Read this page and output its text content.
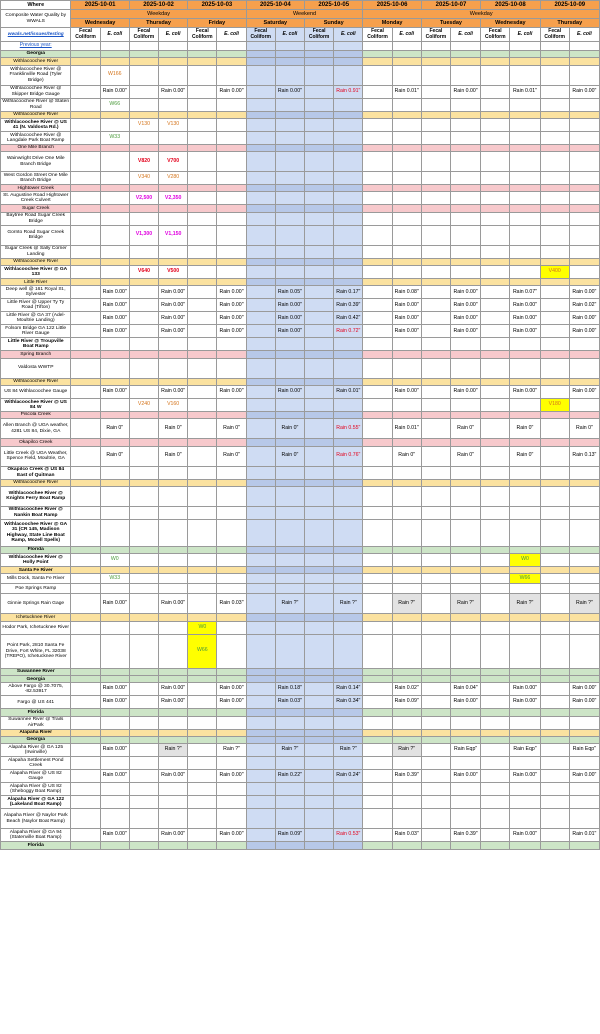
Where	2025-10-01		2025-10-02		2025-10-03		2025-10-04		2025-10-05		2025-10-06		2025-10-07		2025-10-08		2025-10-09	
Composite Water Quality by WWALS	Weekday						Weekend				Weekday							
	Wednesday		Thursday		Friday		Saturday		Sunday		Monday		Tuesday		Wednesday		Thursday	
wwals.net/issues/testing	Fecal Coliform	E. coli	Fecal Coliform	E. coli	Fecal Coliform	E. coli	Fecal Coliform	E. coli	Fecal Coliform	E. coli	Fecal Coliform	E. coli	Fecal Coliform	E. coli	Fecal Coliform	E. coli	Fecal Coliform	E. coli
Previous year:																		
Georgia																		
Withlacoochee River																		
Withlacoochee River @ Franklinville Road (Tyler Bridge)		W166																
Withlacoochee River @ Skipper Bridge Gauge		Rain 0.00"		Rain 0.00"		Rain 0.00"		Rain 0.00"		Rain 0.91"		Rain 0.01"		Rain 0.00"		Rain 0.01"		Rain 0.00"
Withlacoochee River @ Staten Road		W66																
Withlacoochee River																		
Withlacoochee River @ US 41 (N. Valdosta Rd.)			V130	V130														
Withlacoochee River @ Langdale Park Boat Ramp		W33																
One Mile Branch																		
Wainwright Drive One Mile Branch Bridge			V820	V700														
West Gordon Street One Mile Branch Bridge			V340	V280														
Hightower Creek																		
St. Augustine Road Hightower Creek Culvert			V2,500	V2,350														
Sugar Creek																		
Baytree Road Sugar Creek Bridge																		
Gornto Road Sugar Creek Bridge			V1,300	V1,150														
Sugar Creek @ Sally Corner Landing																		
Withlacoochee River																		
Withlacoochee River @ GA 133			V640	V500													V400	
Little River																		
Deep well @ 161 Royal St., Sylvester		Rain 0.00"		Rain 0.00"		Rain 0.00"		Rain 0.05"		Rain 0.17"		Rain 0.08"		Rain 0.00"		Rain 0.07"		Rain 0.00"
Little River @ Upper Ty Ty Road (Tifton)		Rain 0.00"		Rain 0.00"		Rain 0.00"		Rain 0.00"		Rain 0.39"		Rain 0.00"		Rain 0.00"		Rain 0.00"		Rain 0.02"
Little River @ GA 37 (Adel-Moultrie Landing)		Rain 0.00"		Rain 0.00"		Rain 0.00"		Rain 0.00"		Rain 0.42"		Rain 0.00"		Rain 0.00"		Rain 0.00"		Rain 0.00"
Folsom Bridge GA 122 Little River Gauge		Rain 0.00"		Rain 0.00"		Rain 0.00"		Rain 0.00"		Rain 0.72"		Rain 0.00"		Rain 0.00"		Rain 0.00"		Rain 0.00"
Little River @ Troupville Boat Ramp																		
Spring Branch																		
Valdosta WWTP																		
Withlacoochee River																		
US 84 Withlacoochee Gauge		Rain 0.00"		Rain 0.00"		Rain 0.00"		Rain 0.00"		Rain 0.01"		Rain 0.00"		Rain 0.00"		Rain 0.00"		Rain 0.00"
Withlacoochee River @ US 84 W			V240	V160													V180	
Piscola Creek																		
Allen Branch @ UGA weather, 4281 US 84, Dixie, GA		Rain 0"		Rain 0"		Rain 0"		Rain 0"		Rain 0.55"		Rain 0.01"		Rain 0"		Rain 0"		Rain 0"
Okapilco Creek																		
Little Creek @ UGA Weather, Spence Field, Moultrie, GA		Rain 0"		Rain 0"		Rain 0"		Rain 0"		Rain 0.76"		Rain 0"		Rain 0"		Rain 0"		Rain 0.13"
Okapilco Creek @ US 84 East of Quitman																		
Withlacoochee River																		
Withlacoochee River @ Knights Ferry Boat Ramp																		
Withlacoochee River @ Nankin Boat Ramp																		
Withlacoochee River @ GA 31 (CR 145, Madison Highway, State Line Boat Ramp, Mozell Spells)																		
Florida																		
Withlacoochee River @ Holly Point		W0														W0		
Santa Fe River																		
Mills Dock, Santa Fe River		W33														W66		
Poe Springs Ramp																		
Ginnie Springs Rain Gage		Rain 0.00"		Rain 0.00"		Rain 0.03"		Rain ?"		Rain ?"		Rain ?"		Rain ?"		Rain ?"		Rain ?"
Ichetucknee River																		
Hodor Park, Ichetucknee River					W0													
Point Park, 2810 Santa Fe Drive, Fort White, FL 32038 (TREPO), Ichetucknee River					W66													
Suwannee River																		
Georgia																		
Above Fargo @ 30.7075, -82.53917		Rain 0.00"		Rain 0.00"		Rain 0.00"		Rain 0.18"		Rain 0.14"		Rain 0.02"		Rain 0.04"		Rain 0.00"		Rain 0.00"
Fargo @ US 441		Rain 0.00"		Rain 0.00"		Rain 0.00"		Rain 0.03"		Rain 0.34"		Rain 0.09"		Rain 0.00"		Rain 0.00"		Rain 0.00"
Florida																		
Suwannee River @ Trails AirPark																		
Alapaha River																		
Georgia																		
Alapaha River @ GA 125 (Irwinville)		Rain 0.00"		Rain ?"		Rain ?"		Rain ?"		Rain ?"		Rain ?"		Rain Eqp"		Rain Eqp"		Rain Eqp"
Alapaha Settlement Pond Creek																		
Alapaha River @ US 82 Gauge		Rain 0.00"		Rain 0.00"		Rain 0.00"		Rain 0.22"		Rain 0.24"		Rain 0.39"		Rain 0.00"		Rain 0.00"		Rain 0.00"
Alapaha River @ US 82 (Sheboggy Boat Ramp)																		
Alapaha River @ GA 122 (Lakeland Boat Ramp)																		
Alapaha River @ Naylor Park Beach (Naylor Boat Ramp)																		
Alapaha River @ GA 94 (Statenville Boat Ramp)		Rain 0.00"		Rain 0.00"		Rain 0.00"		Rain 0.09"		Rain 0.53"		Rain 0.03"		Rain 0.39"		Rain 0.00"		Rain 0.01"
Florida																		
